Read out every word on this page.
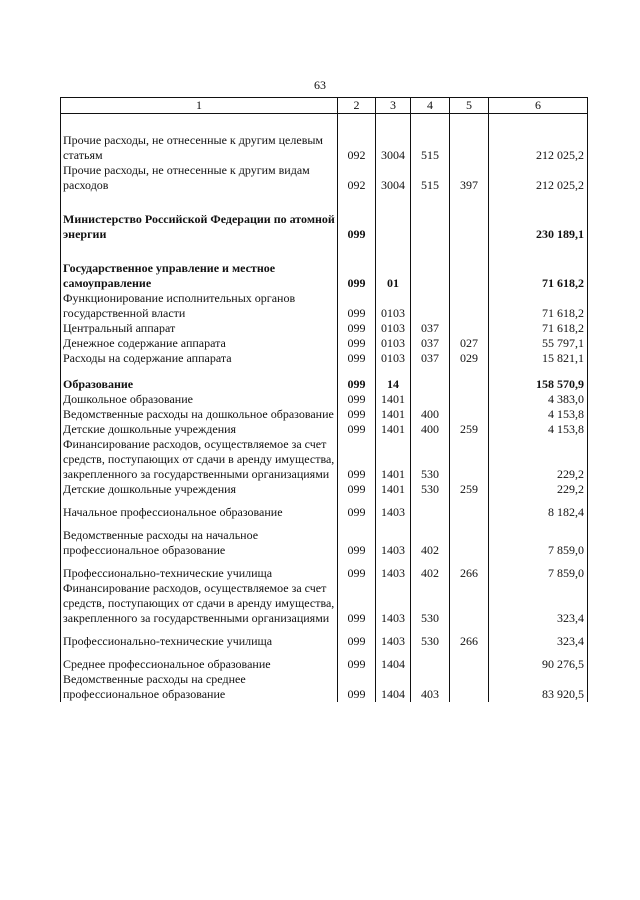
63
1	2	3	4	5	6

Прочие расходы, не отнесенные к другим целевым статьям	092	3004	515		212 025,2
Прочие расходы, не отнесенные к другим видам расходов	092	3004	515	397	212 025,2

Министерство Российской Федерации по атомной энергии	099				230 189,1

Государственное управление и местное самоуправление	099	01			71 618,2
Функционирование исполнительных органов государственной власти	099	0103			71 618,2
Центральный аппарат	099	0103	037		71 618,2
Денежное содержание аппарата	099	0103	037	027	55 797,1
Расходы на содержание аппарата	099	0103	037	029	15 821,1

Образование	099	14			158 570,9
Дошкольное образование	099	1401			4 383,0
Ведомственные расходы на дошкольное образование	099	1401	400		4 153,8
Детские дошкольные учреждения	099	1401	400	259	4 153,8
Финансирование расходов, осуществляемое за счет средств, поступающих от сдачи в аренду имущества, закрепленного за государственными организациями	099	1401	530		229,2
Детские дошкольные учреждения	099	1401	530	259	229,2

Начальное профессиональное образование	099	1403			8 182,4

Ведомственные расходы на начальное профессиональное образование	099	1403	402		7 859,0

Профессионально-технические училища	099	1403	402	266	7 859,0
Финансирование расходов, осуществляемое за счет средств, поступающих от сдачи в аренду имущества, закрепленного за государственными организациями	099	1403	530		323,4

Профессионально-технические училища	099	1403	530	266	323,4

Среднее профессиональное образование	099	1404			90 276,5
Ведомственные расходы на среднее профессиональное образование	099	1404	403		83 920,5
